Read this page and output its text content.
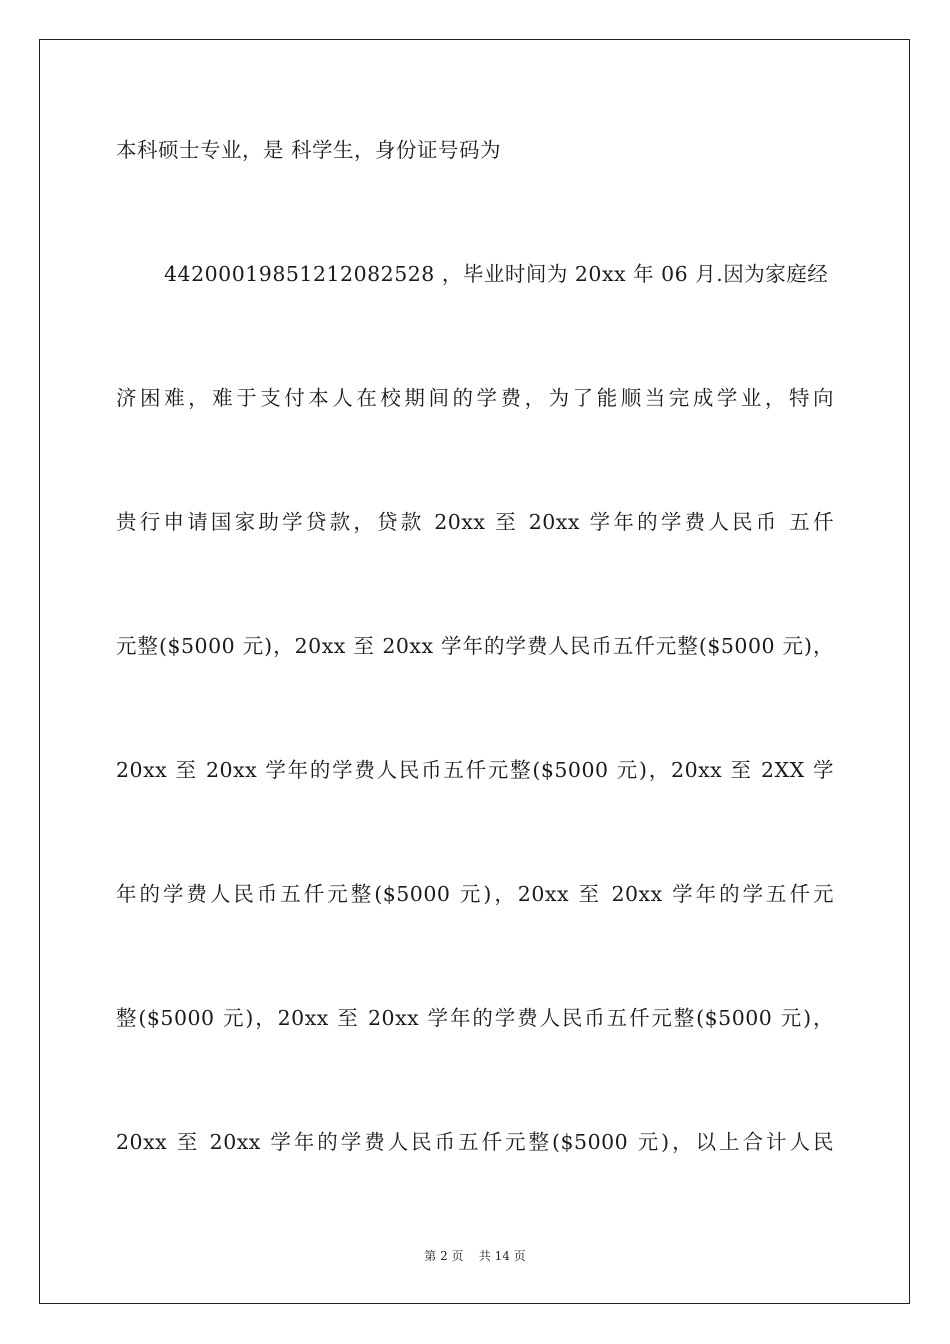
本科硕士专业，是 科学生，身份证号码为
442000198512120825​28 ，毕业时间为 20xx 年 06 月.因为家庭经
济困难，难于支付本人在校期间的学费，为了能顺当完成学业，特向
贵行申请国家助学贷款，贷款 20xx 至 20xx 学年的学费人民币 五仟
元整($5000 元)，20xx 至 20xx 学年的学费人民币五仟元整($5000 元)，
20xx 至 20xx 学年的学费人民币五仟元整($5000 元)，20xx 至 2XX 学
年的学费人民币五仟元整($5000 元)，20xx 至 20xx 学年的学五仟元
整($5000 元)，20xx 至 20xx 学年的学费人民币五仟元整($5000 元)，
20xx 至 20xx 学年的学费人民币五仟元整($5000 元)，以上合计人民
第 2 页 共 14 页
